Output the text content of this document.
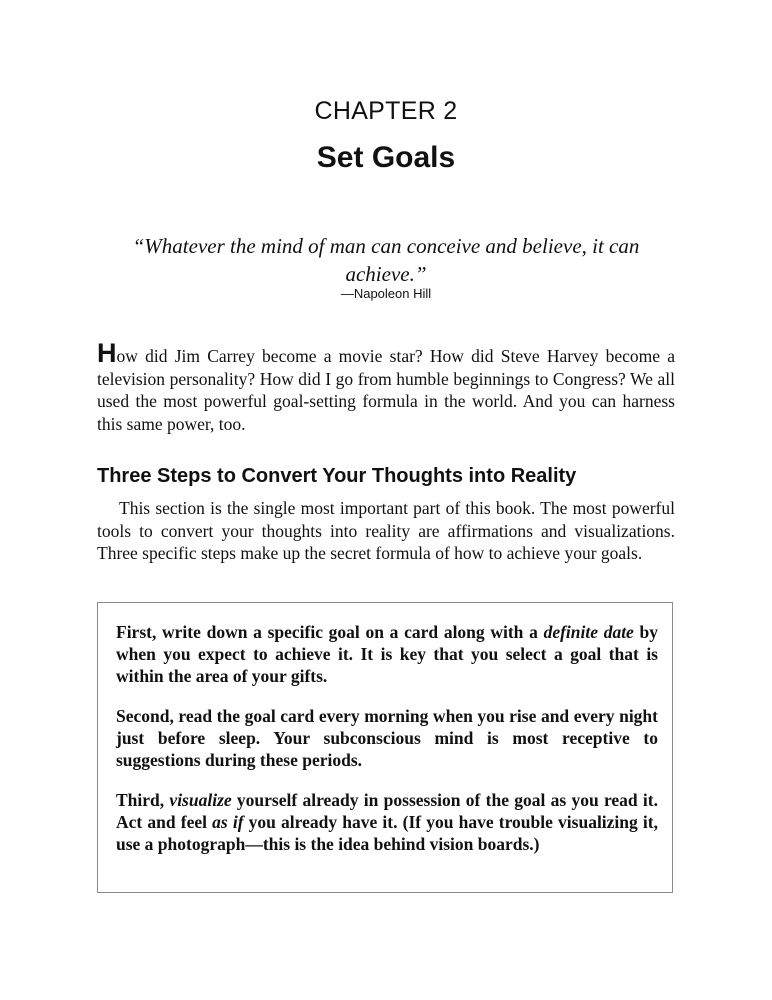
CHAPTER 2
Set Goals
“Whatever the mind of man can conceive and believe, it can achieve.”
—Napoleon Hill

How did Jim Carrey become a movie star? How did Steve Harvey become a television personality? How did I go from humble beginnings to Congress? We all used the most powerful goal-setting formula in the world. And you can harness this same power, too.

Three Steps to Convert Your Thoughts into Reality

This section is the single most important part of this book. The most powerful tools to convert your thoughts into reality are affirmations and visualizations. Three specific steps make up the secret formula of how to achieve your goals.

First, write down a specific goal on a card along with a definite date by when you expect to achieve it. It is key that you select a goal that is within the area of your gifts.

Second, read the goal card every morning when you rise and every night just before sleep. Your subconscious mind is most receptive to suggestions during these periods.

Third, visualize yourself already in possession of the goal as you read it. Act and feel as if you already have it. (If you have trouble visualizing it, use a photograph—this is the idea behind vision boards.)
